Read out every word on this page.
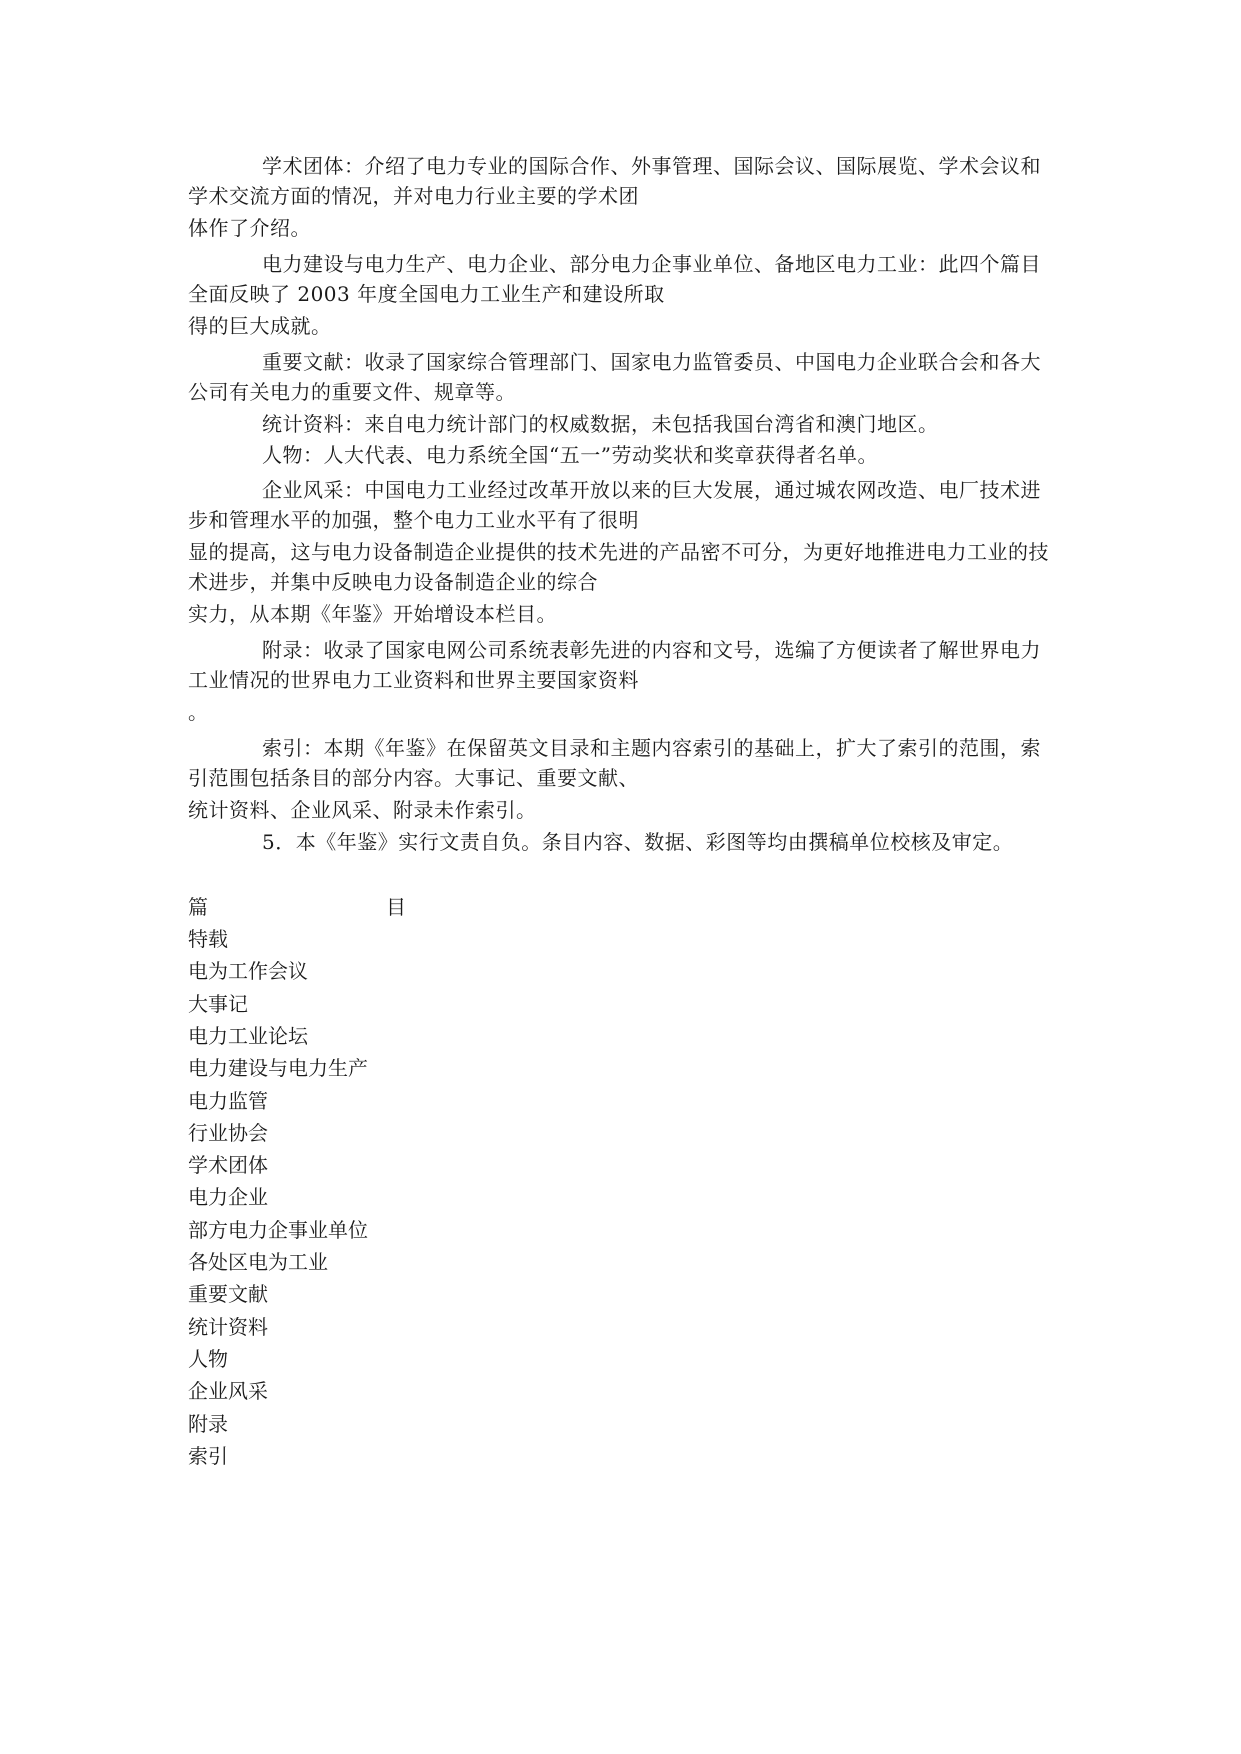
学术团体：介绍了电力专业的国际合作、外事管理、国际会议、国际展览、学术会议和
学术交流方面的情况，并对电力行业主要的学术团
体作了介绍。
电力建设与电力生产、电力企业、部分电力企事业单位、备地区电力工业：此四个篇目
全面反映了 2003 年度全国电力工业生产和建设所取
得的巨大成就。
重要文献：收录了国家综合管理部门、国家电力监管委员、中国电力企业联合会和各大
公司有关电力的重要文件、规章等。
统计资料：来自电力统计部门的权威数据，未包括我国台湾省和澳门地区。
人物：人大代表、电力系统全国“五一”劳动奖状和奖章获得者名单。
企业风采：中国电力工业经过改革开放以来的巨大发展，通过城农网改造、电厂技术进
步和管理水平的加强，整个电力工业水平有了很明
显的提高，这与电力设备制造企业提供的技术先进的产品密不可分，为更好地推进电力工业的技
术进步，并集中反映电力设备制造企业的综合
实力，从本期《年鉴》开始增设本栏目。
附录：收录了国家电网公司系统表彰先进的内容和文号，选编了方便读者了解世界电力
工业情况的世界电力工业资料和世界主要国家资料
。
索引：本期《年鉴》在保留英文目录和主题内容索引的基础上，扩大了索引的范围，索
引范围包括条目的部分内容。大事记、重要文献、
统计资料、企业风采、附录未作索引。
5．本《年鉴》实行文责自负。条目内容、数据、彩图等均由撰稿单位校核及审定。
篇	目
特载
电为工作会议
大事记
电力工业论坛
电力建设与电力生产
电力监管
行业协会
学术团体
电力企业
部方电力企事业单位
各处区电为工业
重要文献
统计资料
人物
企业风采
附录
索引
